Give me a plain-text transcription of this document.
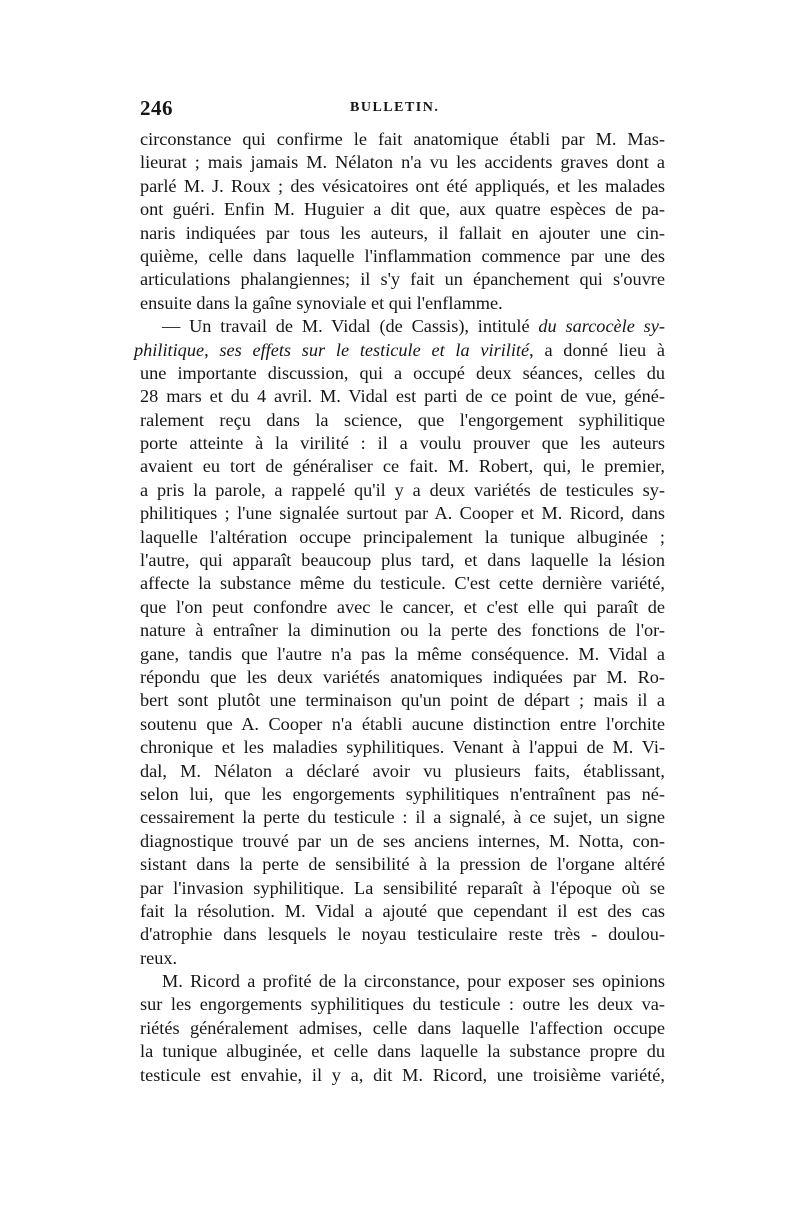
246	BULLETIN.
circonstance qui confirme le fait anatomique établi par M. Mas-
lieurat ; mais jamais M. Nélaton n'a vu les accidents graves dont a
parlé M. J. Roux ; des vésicatoires ont été appliqués, et les malades
ont guéri. Enfin M. Huguier a dit que, aux quatre espèces de pa-
naris indiquées par tous les auteurs, il fallait en ajouter une cin-
quième, celle dans laquelle l'inflammation commence par une des
articulations phalangiennes; il s'y fait un épanchement qui s'ouvre
ensuite dans la gaîne synoviale et qui l'enflamme.
— Un travail de M. Vidal (de Cassis), intitulé du sarcocèle sy-
philitique, ses effets sur le testicule et la virilité, a donné lieu à
une importante discussion, qui a occupé deux séances, celles du
28 mars et du 4 avril. M. Vidal est parti de ce point de vue, géné-
ralement reçu dans la science, que l'engorgement syphilitique
porte atteinte à la virilité : il a voulu prouver que les auteurs
avaient eu tort de généraliser ce fait. M. Robert, qui, le premier,
a pris la parole, a rappelé qu'il y a deux variétés de testicules sy-
philitiques ; l'une signalée surtout par A. Cooper et M. Ricord, dans
laquelle l'altération occupe principalement la tunique albuginée ;
l'autre, qui apparaît beaucoup plus tard, et dans laquelle la lésion
affecte la substance même du testicule. C'est cette dernière variété,
que l'on peut confondre avec le cancer, et c'est elle qui paraît de
nature à entraîner la diminution ou la perte des fonctions de l'or-
gane, tandis que l'autre n'a pas la même conséquence. M. Vidal a
répondu que les deux variétés anatomiques indiquées par M. Ro-
bert sont plutôt une terminaison qu'un point de départ ; mais il a
soutenu que A. Cooper n'a établi aucune distinction entre l'orchite
chronique et les maladies syphilitiques. Venant à l'appui de M. Vi-
dal, M. Nélaton a déclaré avoir vu plusieurs faits, établissant,
selon lui, que les engorgements syphilitiques n'entraînent pas né-
cessairement la perte du testicule : il a signalé, à ce sujet, un signe
diagnostique trouvé par un de ses anciens internes, M. Notta, con-
sistant dans la perte de sensibilité à la pression de l'organe altéré
par l'invasion syphilitique. La sensibilité reparaît à l'époque où se
fait la résolution. M. Vidal a ajouté que cependant il est des cas
d'atrophie dans lesquels le noyau testiculaire reste très - doulou-
reux.
M. Ricord a profité de la circonstance, pour exposer ses opinions
sur les engorgements syphilitiques du testicule : outre les deux va-
riétés généralement admises, celle dans laquelle l'affection occupe
la tunique albuginée, et celle dans laquelle la substance propre du
testicule est envahie, il y a, dit M. Ricord, une troisième variété,
